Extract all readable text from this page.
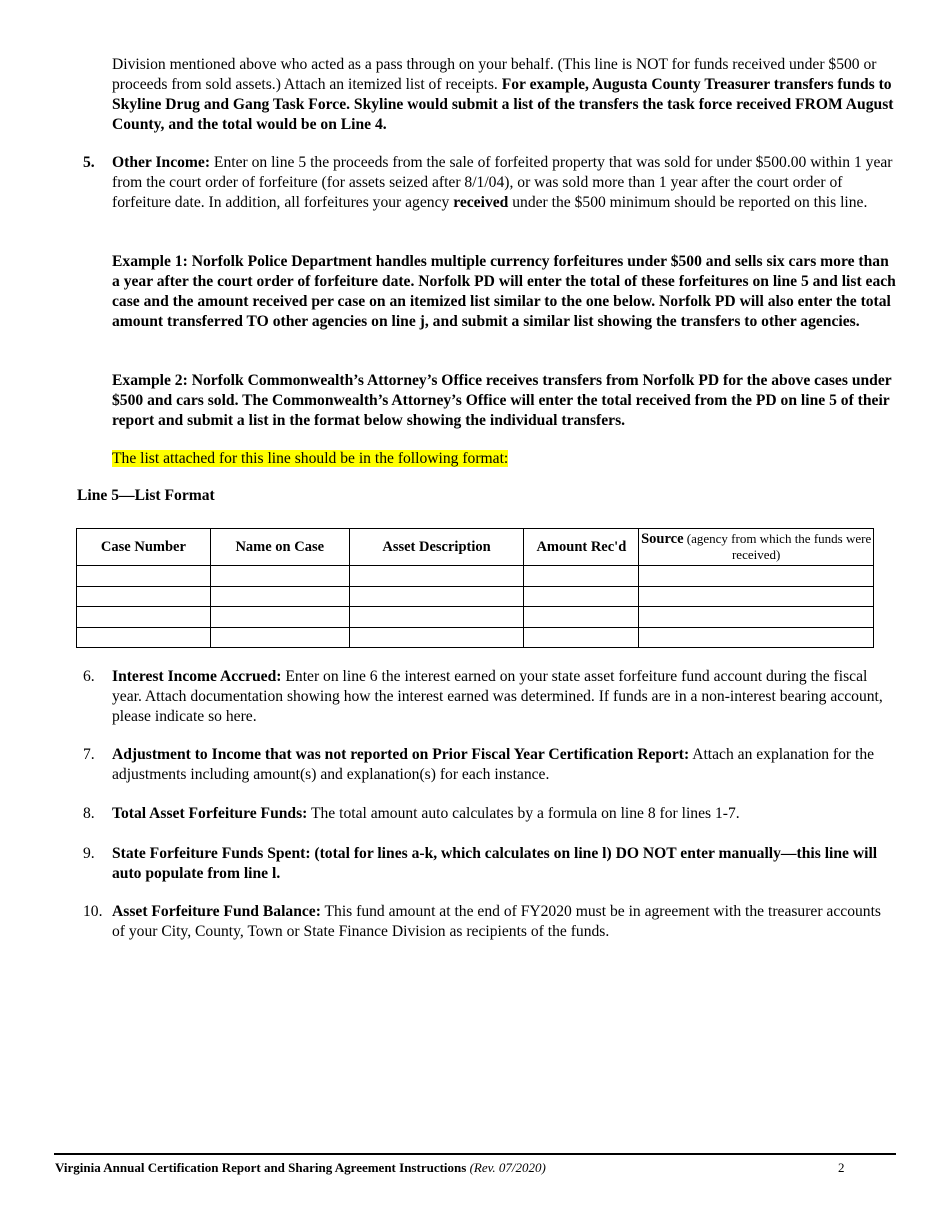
Division mentioned above who acted as a pass through on your behalf. (This line is NOT for funds received under $500 or proceeds from sold assets.) Attach an itemized list of receipts. For example, Augusta County Treasurer transfers funds to Skyline Drug and Gang Task Force. Skyline would submit a list of the transfers the task force received FROM August County, and the total would be on Line 4.

5. Other Income: Enter on line 5 the proceeds from the sale of forfeited property that was sold for under $500.00 within 1 year from the court order of forfeiture (for assets seized after 8/1/04), or was sold more than 1 year after the court order of forfeiture date. In addition, all forfeitures your agency received under the $500 minimum should be reported on this line.

Example 1: Norfolk Police Department handles multiple currency forfeitures under $500 and sells six cars more than a year after the court order of forfeiture date. Norfolk PD will enter the total of these forfeitures on line 5 and list each case and the amount received per case on an itemized list similar to the one below. Norfolk PD will also enter the total amount transferred TO other agencies on line j, and submit a similar list showing the transfers to other agencies.

Example 2: Norfolk Commonwealth’s Attorney’s Office receives transfers from Norfolk PD for the above cases under $500 and cars sold. The Commonwealth’s Attorney’s Office will enter the total received from the PD on line 5 of their report and submit a list in the format below showing the individual transfers.

The list attached for this line should be in the following format:

Line 5—List Format

Case Number	Name on Case	Asset Description	Amount Rec'd	Source (agency from which the funds were received)

6. Interest Income Accrued: Enter on line 6 the interest earned on your state asset forfeiture fund account during the fiscal year. Attach documentation showing how the interest earned was determined. If funds are in a non-interest bearing account, please indicate so here.

7. Adjustment to Income that was not reported on Prior Fiscal Year Certification Report: Attach an explanation for the adjustments including amount(s) and explanation(s) for each instance.

8. Total Asset Forfeiture Funds: The total amount auto calculates by a formula on line 8 for lines 1-7.

9. State Forfeiture Funds Spent: (total for lines a-k, which calculates on line l) DO NOT enter manually—this line will auto populate from line l.

10. Asset Forfeiture Fund Balance: This fund amount at the end of FY2020 must be in agreement with the treasurer accounts of your City, County, Town or State Finance Division as recipients of the funds.

Virginia Annual Certification Report and Sharing Agreement Instructions (Rev. 07/2020)	2
